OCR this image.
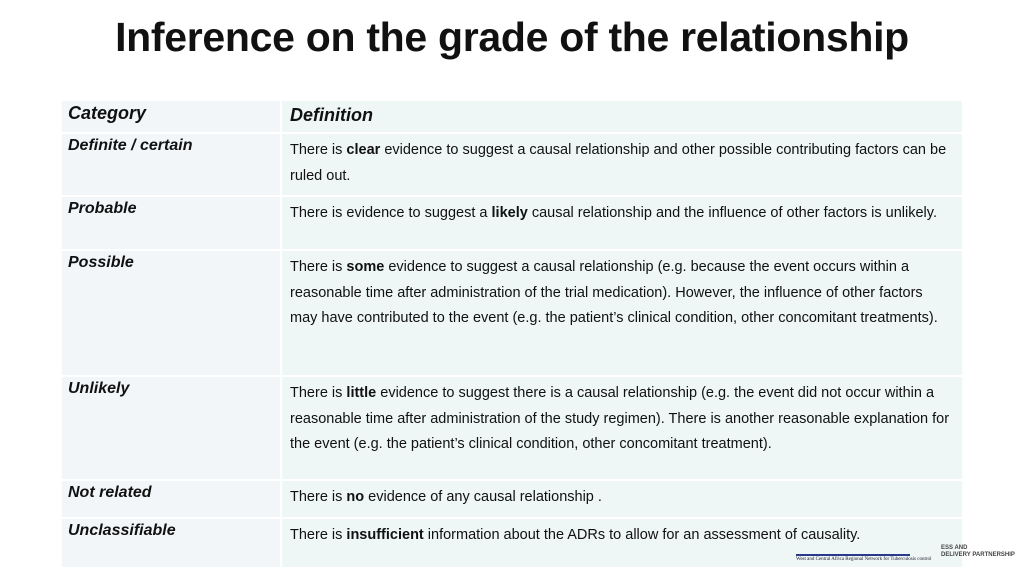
Inference on the grade of the relationship
Category	Definition
Definite / certain	There is clear evidence to suggest a causal relationship and other possible contributing factors can be ruled out.
Probable	There is evidence to suggest a likely causal relationship and the influence of other factors is unlikely.
Possible	There is some evidence to suggest a causal relationship (e.g. because the event occurs within a reasonable time after administration of the trial medication). However, the influence of other factors may have contributed to the event (e.g. the patient’s clinical condition, other concomitant treatments).
Unlikely	There is little evidence to suggest there is a causal relationship (e.g. the event did not occur within a reasonable time after administration of the study regimen). There is another reasonable explanation for the event (e.g. the patient’s clinical condition, other concomitant treatment).
Not related	There is no evidence of any causal relationship .
Unclassifiable	There is insufficient information about the ADRs to allow for an assessment of causality.
West and Central Africa Regional Network for Tuberculosis control
ESS AND
DELIVERY PARTNERSHIP
